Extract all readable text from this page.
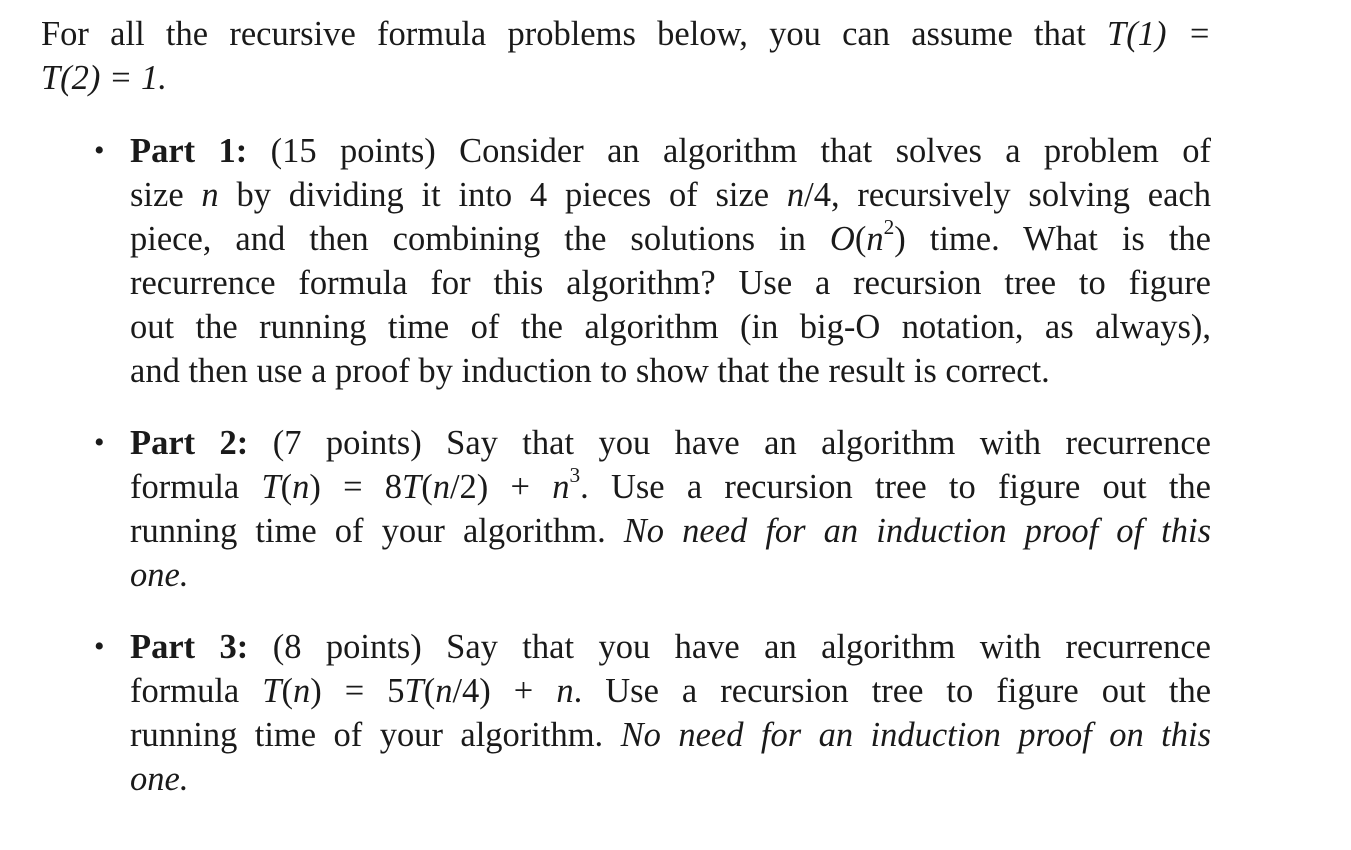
For all the recursive formula problems below, you can assume that T(1) =
T(2) = 1.

• Part 1: (15 points) Consider an algorithm that solves a problem of
size n by dividing it into 4 pieces of size n/4, recursively solving each
piece, and then combining the solutions in $O(n^2)$ time. What is the
recurrence formula for this algorithm? Use a recursion tree to figure
out the running time of the algorithm (in big-O notation, as always),
and then use a proof by induction to show that the result is correct.
• Part 2: (7 points) Say that you have an algorithm with recurrence
formula $T(n) = 8T(n/2) + n^3$. Use a recursion tree to figure out the
running time of your algorithm. No need for an induction proof of this
one.
• Part 3: (8 points) Say that you have an algorithm with recurrence
formula T(n) = 5T(n/4) + n. Use a recursion tree to figure out the
running time of your algorithm. No need for an induction proof on this
one.
